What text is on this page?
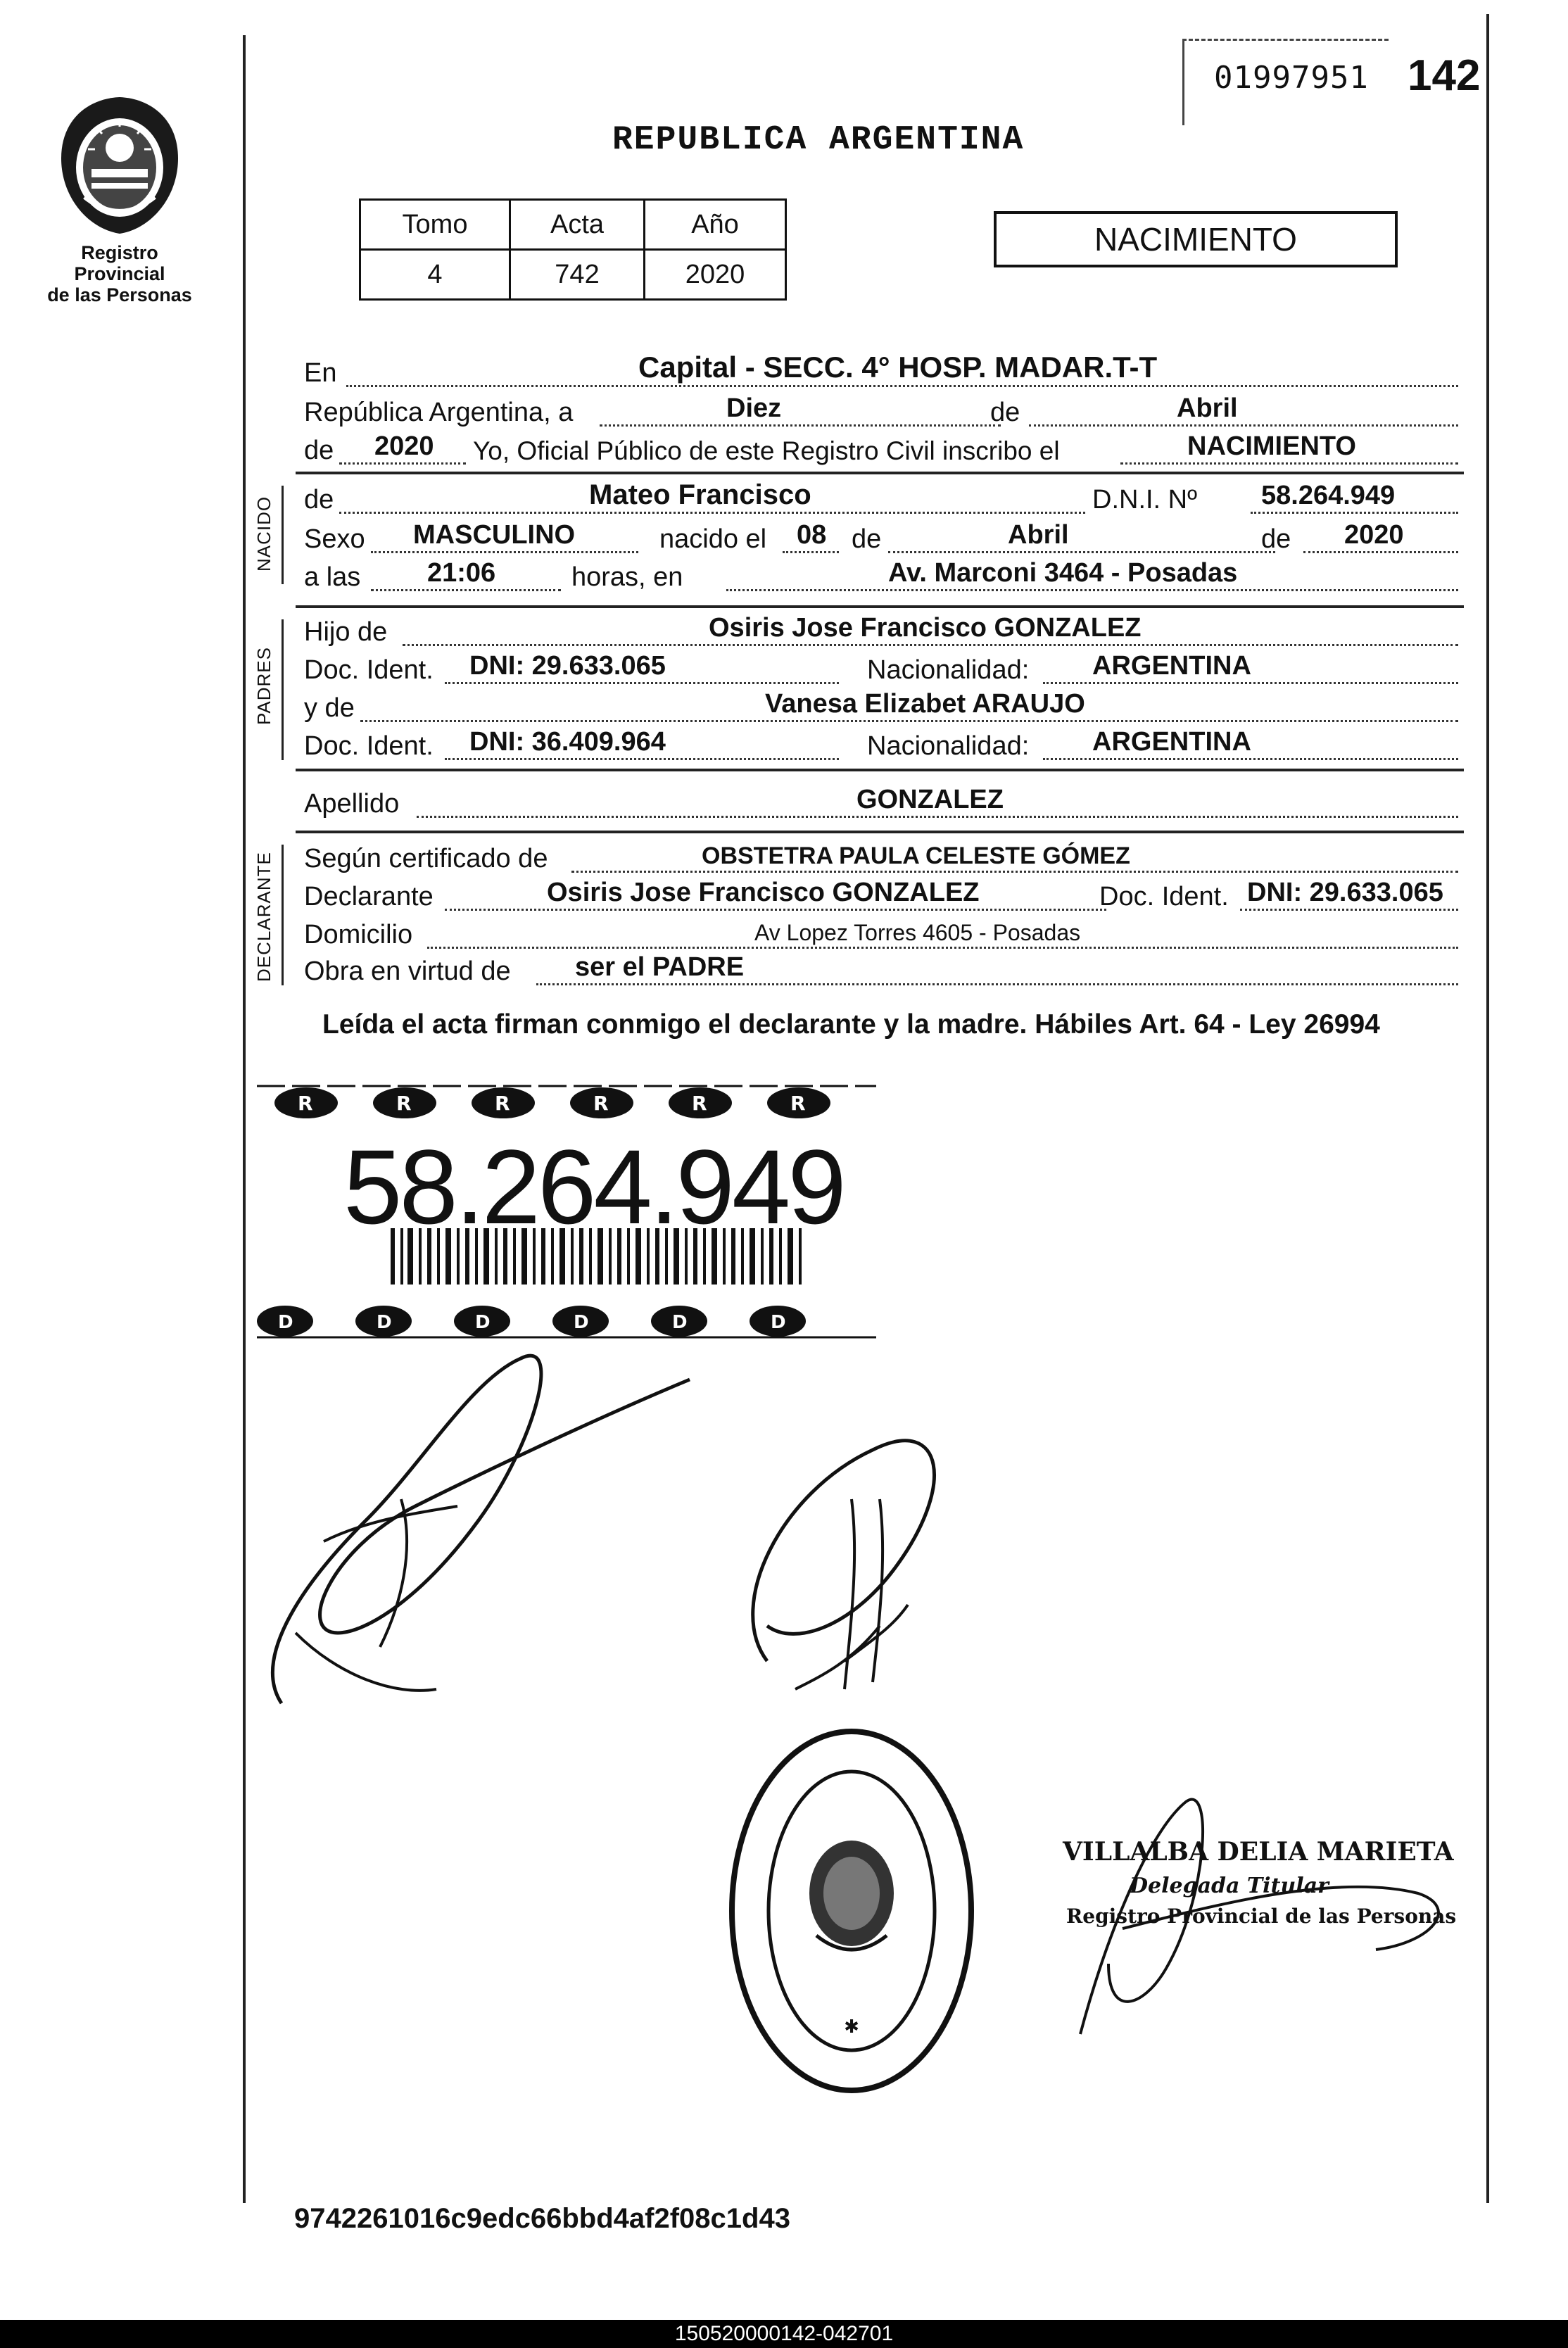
Registro Provincial
de las Personas
01997951 142
REPUBLICA ARGENTINA
Tomo	Acta	Año
4	742	2020
NACIMIENTO
En	Capital - SECC. 4° HOSP. MADAR.T-T
República Argentina, a	Diez	de	Abril
de 2020 Yo, Oficial Público de este Registro Civil inscribo el	NACIMIENTO
NACIDO de	Mateo Francisco	D.N.I. Nº 58.264.949
Sexo MASCULINO	nacido el 08 de	Abril	de 2020
a las 21:06	horas, en	Av. Marconi 3464 - Posadas
PADRES
Hijo de	Osiris Jose Francisco GONZALEZ
Doc. Ident. DNI: 29.633.065	Nacionalidad: ARGENTINA
y de	Vanesa Elizabet ARAUJO
Doc. Ident. DNI: 36.409.964	Nacionalidad: ARGENTINA
Apellido	GONZALEZ
DECLARANTE Según certificado de	OBSTETRA PAULA CELESTE GÓMEZ
Declarante	Osiris Jose Francisco GONZALEZ	Doc. Ident. DNI: 29.633.065
Domicilio	Av Lopez Torres 4605 - Posadas
Obra en virtud de ser el PADRE
Leída el acta firman conmigo el declarante y la madre. Hábiles Art. 64 - Ley 26994
R	R	R	R	R	R
D	D	D	D	D	D
58.264.949
✱
VILLALBA DELIA MARIETA
Delegada Titular
Registro Provincial de las Personas
9742261016c9edc66bbd4af2f08c1d43
150520000142-042701
